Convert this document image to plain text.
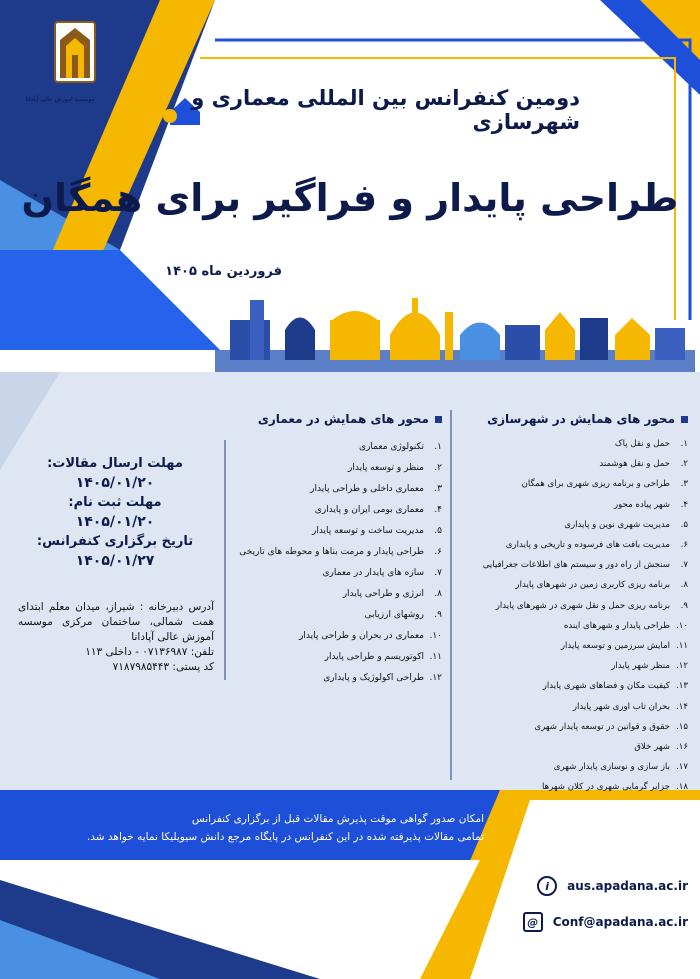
موسسه آموزش عالی آپادانا	دومین کنفرانس بین المللی معماری و شهرسازی
طراحی پایدار و فراگیر برای همگان
فروردین ماه ۱۴۰۵
محور های همایش در شهرسازی
۱.
حمل و نقل پاک
۲.
حمل و نقل هوشمند
۳.
طراحی و برنامه ریزی شهری برای همگان
۴.
شهر پیاده محور
۵.
مدیریت شهری نوین و پایداری
۶.
مدیریت بافت های فرسوده و تاریخی و پایداری
۷.
سنجش از راه دور و سیستم های اطلاعات جغرافیایی
۸.
برنامه ریزی کاربری زمین در شهرهای پایدار
۹.
برنامه ریزی حمل و نقل شهری در شهرهای پایدار
۱۰.
طراحی پایدار و شهرهای اینده
۱۱.
امایش سرزمین و توسعه پایدار
۱۲.
منظر شهر پایدار
۱۳.
کیفیت مکان و فضاهای شهری پایدار
۱۴.
بحران تاب اوری شهر پایدار
۱۵.
حقوق و قوانین در توسعه پایدار شهری
۱۶.
شهر خلاق
۱۷.
باز سازی و نوسازی پایدار شهری
۱۸.
جزایر گرمایی شهری در کلان شهرها
محور های همایش در معماری
۱.
تکنولوژی معماری
۲.
منظر و توسعه پایدار
۳.
معماری داخلی و طراحی پایدار
۴.
معماری بومی ایران و پایداری
۵.
مدیریت ساخت و توسعه پایدار
۶.
طراحی پایدار و مرمت بناها و محوطه های تاریخی
۷.
سازه های پایدار در معماری
۸.
انرژی و طراحی پایدار
۹.
روشهای ارزیابی
۱۰.
معماری در بحران و طراحی پایدار
۱۱.
اکوتوریسم و طراحی پایدار
۱۲.
طراحی اکولوژیک و پایداری
مهلت ارسال مقالات:
۱۴۰۵/۰۱/۲۰
مهلت ثبت نام:
۱۴۰۵/۰۱/۲۰
تاریخ برگزاری کنفرانس:
۱۴۰۵/۰۱/۲۷
آدرس دبیرخانه : شیراز، میدان معلم ابتدای همت شمالی، ساختمان مرکزی موسسه آموزش عالی آپادانا
تلفن: ۰۷۱۳۶۹۸۷ - داخلی ۱۱۳
کد پستی: ۷۱۸۷۹۸۵۴۴۳
امکان صدور گواهی موقت پذیرش مقالات قبل از برگزاری کنفرانس
تمامی مقالات پذیرفته شده در این کنفرانس در پایگاه مرجع دانش سیویلیکا نمایه خواهد شد.
i	aus.apadana.ac.ir
@	Conf@apadana.ac.ir
